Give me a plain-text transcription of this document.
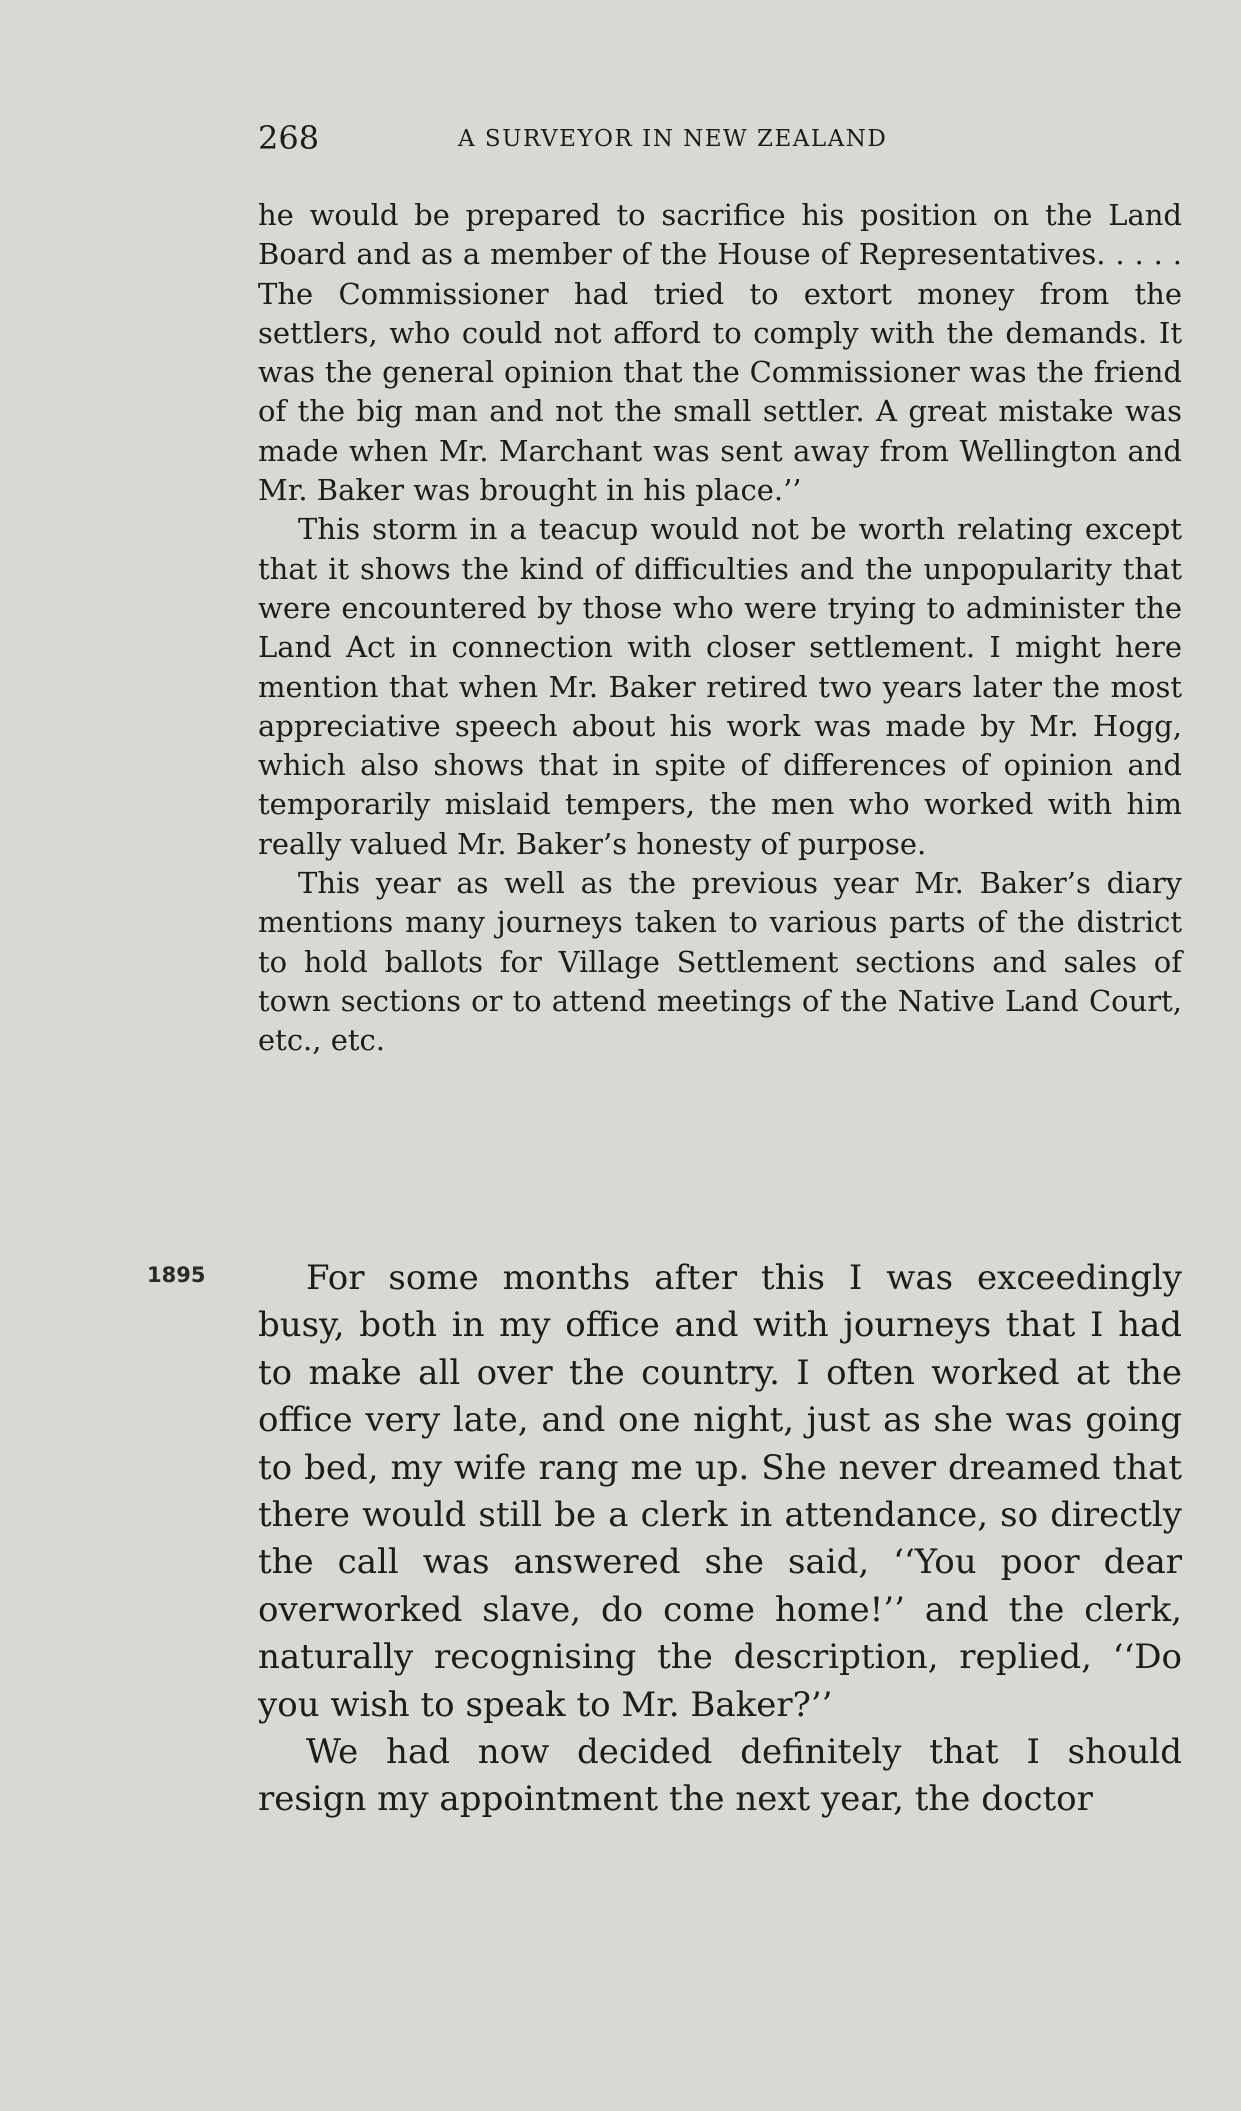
268	A SURVEYOR IN NEW ZEALAND

he would be prepared to sacrifice his position on the Land Board and as a member of the House of Representatives. . . . . The Commissioner had tried to extort money from the settlers, who could not afford to comply with the demands. It was the general opinion that the Commissioner was the friend of the big man and not the small settler. A great mistake was made when Mr. Marchant was sent away from Wellington and Mr. Baker was brought in his place.’’

This storm in a teacup would not be worth relating except that it shows the kind of difficulties and the unpopularity that were encountered by those who were trying to administer the Land Act in connection with closer settlement. I might here mention that when Mr. Baker retired two years later the most appreciative speech about his work was made by Mr. Hogg, which also shows that in spite of differences of opinion and temporarily mislaid tempers, the men who worked with him really valued Mr. Baker’s honesty of purpose.

This year as well as the previous year Mr. Baker’s diary mentions many journeys taken to various parts of the district to hold ballots for Village Settlement sections and sales of town sections or to attend meetings of the Native Land Court, etc., etc.

1895	For some months after this I was exceedingly busy, both in my office and with journeys that I had to make all over the country. I often worked at the office very late, and one night, just as she was going to bed, my wife rang me up. She never dreamed that there would still be a clerk in attendance, so directly the call was answered she said, ‘‘You poor dear overworked slave, do come home!’’ and the clerk, naturally recognising the description, replied, ‘‘Do you wish to speak to Mr. Baker?’’

We had now decided definitely that I should resign my appointment the next year, the doctor
